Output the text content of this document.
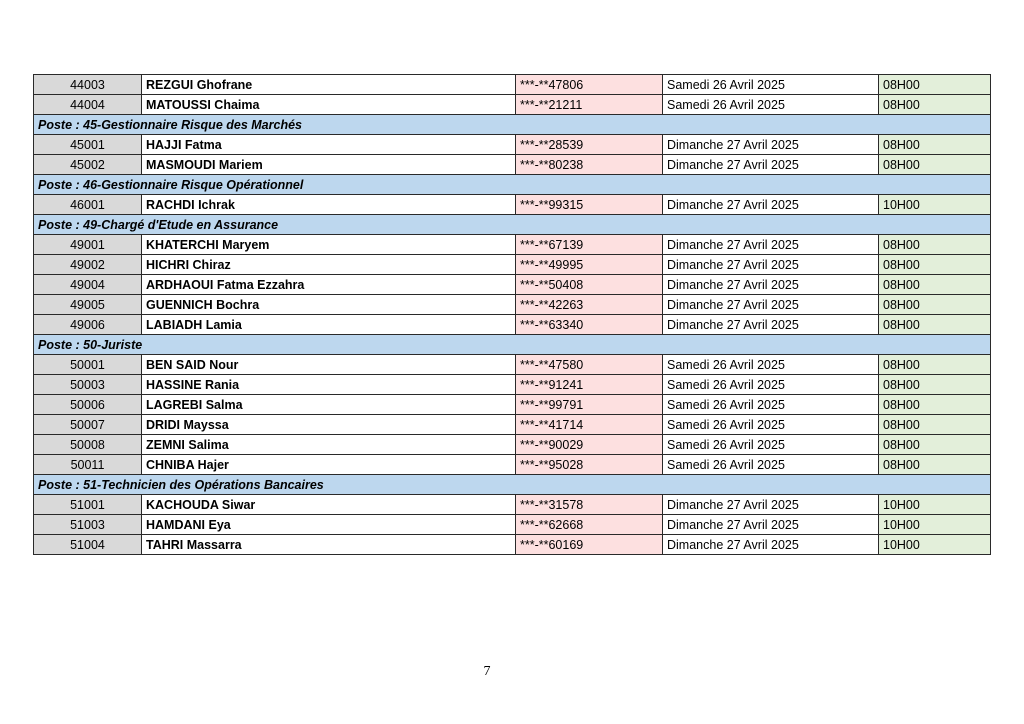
44003	REZGUI Ghofrane	***-**47806	Samedi 26 Avril 2025	08H00
44004	MATOUSSI Chaima	***-**21211	Samedi 26 Avril 2025	08H00
Poste : 45-Gestionnaire Risque des Marchés				
45001	HAJJI Fatma	***-**28539	Dimanche 27 Avril 2025	08H00
45002	MASMOUDI Mariem	***-**80238	Dimanche 27 Avril 2025	08H00
Poste : 46-Gestionnaire Risque Opérationnel				
46001	RACHDI Ichrak	***-**99315	Dimanche 27 Avril 2025	10H00
Poste : 49-Chargé d'Etude en Assurance				
49001	KHATERCHI Maryem	***-**67139	Dimanche 27 Avril 2025	08H00
49002	HICHRI Chiraz	***-**49995	Dimanche 27 Avril 2025	08H00
49004	ARDHAOUI Fatma Ezzahra	***-**50408	Dimanche 27 Avril 2025	08H00
49005	GUENNICH Bochra	***-**42263	Dimanche 27 Avril 2025	08H00
49006	LABIADH Lamia	***-**63340	Dimanche 27 Avril 2025	08H00
Poste : 50-Juriste				
50001	BEN SAID Nour	***-**47580	Samedi 26 Avril 2025	08H00
50003	HASSINE Rania	***-**91241	Samedi 26 Avril 2025	08H00
50006	LAGREBI Salma	***-**99791	Samedi 26 Avril 2025	08H00
50007	DRIDI Mayssa	***-**41714	Samedi 26 Avril 2025	08H00
50008	ZEMNI Salima	***-**90029	Samedi 26 Avril 2025	08H00
50011	CHNIBA Hajer	***-**95028	Samedi 26 Avril 2025	08H00
Poste : 51-Technicien des Opérations Bancaires				
51001	KACHOUDA Siwar	***-**31578	Dimanche 27 Avril 2025	10H00
51003	HAMDANI Eya	***-**62668	Dimanche 27 Avril 2025	10H00
51004	TAHRI Massarra	***-**60169	Dimanche 27 Avril 2025	10H00
7
